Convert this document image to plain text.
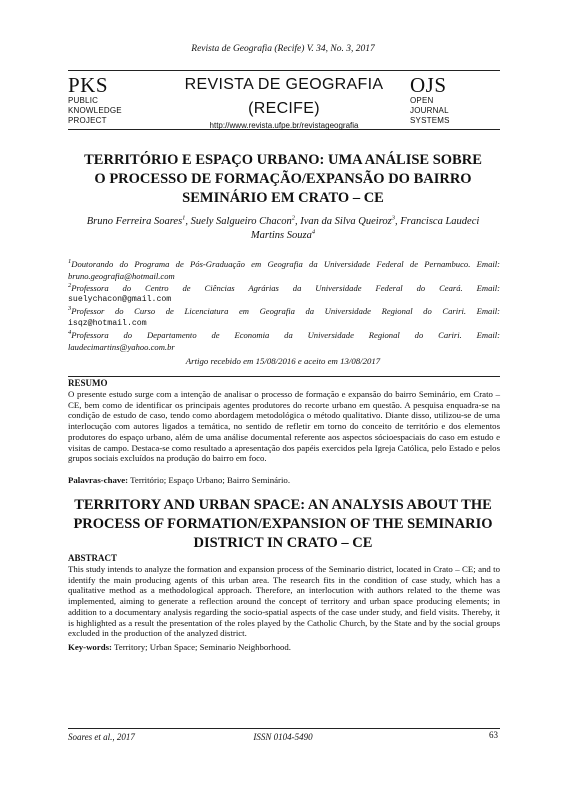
Revista de Geografia (Recife) V. 34, No. 3, 2017
PKS
PUBLIC
KNOWLEDGE
PROJECT
REVISTA DE GEOGRAFIA
(RECIFE)
http://www.revista.ufpe.br/revistageografia
OJS
OPEN
JOURNAL
SYSTEMS
TERRITÓRIO E ESPAÇO URBANO: UMA ANÁLISE SOBRE
O PROCESSO DE FORMAÇÃO/EXPANSÃO DO BAIRRO
SEMINÁRIO EM CRATO – CE
Bruno Ferreira Soares$^1$, Suely Salgueiro Chacon$^2$, Ivan da Silva Queiroz$^3$, Francisca Laudeci
Martins Souza$^4$
$^1$Doutorando do Programa de Pós-Graduação em Geografia da Universidade Federal de Pernambuco. Email:
bruno.geografia@hotmail.com
$^2$Professora do Centro de Ciências Agrárias da Universidade Federal do Ceará. Email:
suelychacon@gmail.com
$^3$Professor do Curso de Licenciatura em Geografia da Universidade Regional do Cariri. Email:
isqz@hotmail.com
$^4$Professora do Departamento de Economia da Universidade Regional do Cariri. Email:
laudecimartins@yahoo.com.br
Artigo recebido em 15/08/2016 e aceito em 13/08/2017
RESUMO
O presente estudo surge com a intenção de analisar o processo de formação e expansão do bairro Seminário, em Crato – CE, bem como de identificar os principais agentes produtores do recorte urbano em questão. A pesquisa enquadra-se na condição de estudo de caso, tendo como abordagem metodológica o método qualitativo. Diante disso, utilizou-se de uma interlocução com autores ligados a temática, no sentido de refletir em torno do conceito de território e dos elementos produtores do espaço urbano, além de uma análise documental referente aos aspectos sócioespaciais do caso em estudo e visitas de campo. Destaca-se como resultado a apresentação dos papéis exercidos pela Igreja Católica, pelo Estado e pelos grupos sociais excluídos na produção do bairro em foco.
Palavras-chave: Território; Espaço Urbano; Bairro Seminário.
TERRITORY AND URBAN SPACE: AN ANALYSIS ABOUT THE
PROCESS OF FORMATION/EXPANSION OF THE SEMINARIO
DISTRICT IN CRATO – CE
ABSTRACT
This study intends to analyze the formation and expansion process of the Seminario district, located in Crato – CE; and to identify the main producing agents of this urban area. The research fits in the condition of case study, which has a qualitative method as a methodological approach. Therefore, an interlocution with authors related to the theme was implemented, aiming to generate a reflection around the concept of territory and urban space producing elements; in addition to a documentary analysis regarding the socio-spatial aspects of the case under study, and field visits. Thereby, it is highlighted as a result the presentation of the roles played by the Catholic Church, by the State and by the social groups excluded in the production of the analyzed district.
Key-words: Territory; Urban Space; Seminario Neighborhood.
Soares et al., 2017	ISSN 0104-5490	63
